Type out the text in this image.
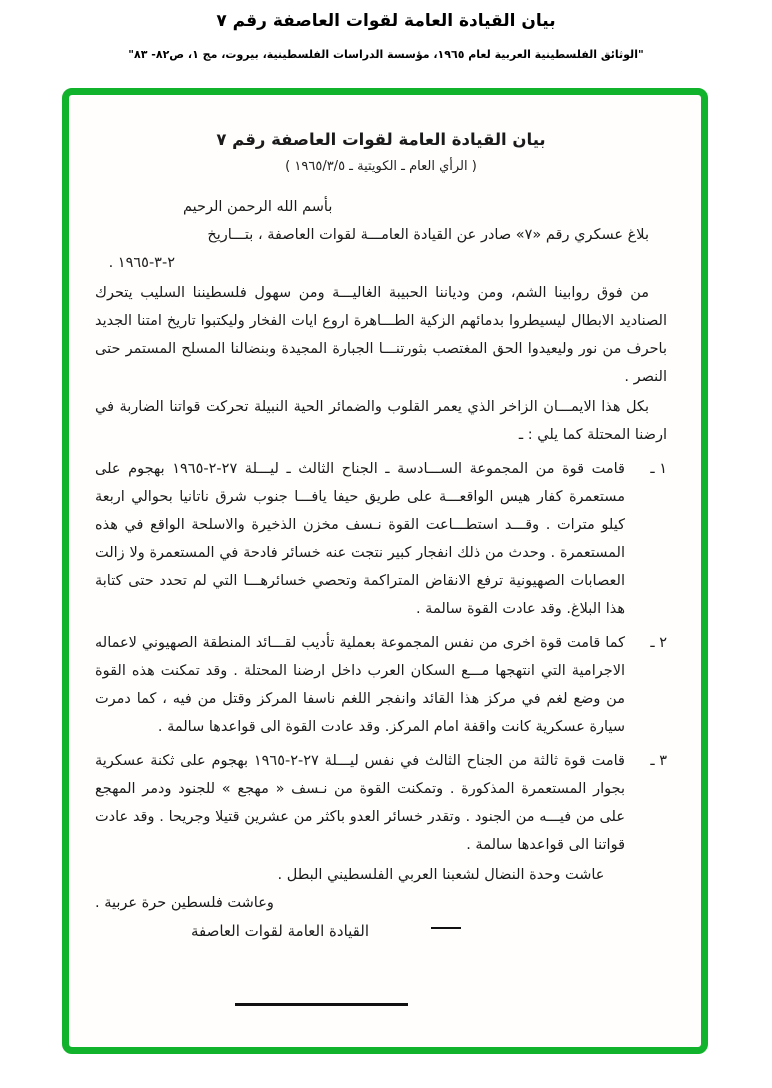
بيان القيادة العامة لقوات العاصفة رقم ٧
"الوثائق الفلسطينية العربية لعام ١٩٦٥، مؤسسة الدراسات الفلسطينية، بيروت، مج ١، ص٨٢- ٨٣"
بيان القيادة العامة لقوات العاصفة رقم ٧
( الرأي العام ـ الكويتية ـ ١٩٦٥/٣/٥ )
بأسم الله الرحمن الرحيم
بلاغ عسكري رقم «٧» صادر عن القيادة العامـــة لقوات العاصفة ، بتـــاريخ
٢-٣-١٩٦٥ .
من فوق روابينا الشم، ومن ودياننا الحبيبة الغاليـــة ومن سهول فلسطيننا السليب يتحرك الصناديد الابطال ليسيطروا بدمائهم الزكية الطـــاهرة اروع ايات الفخار وليكتبوا تاريخ امتنا الجديد باحرف من نور وليعيدوا الحق المغتصب بثورتنـــا الجبارة المجيدة وبنضالنا المسلح المستمر حتى النصر .
بكل هذا الايمـــان الزاخر الذي يعمر القلوب والضمائر الحية النبيلة تحركت قواتنا الضاربة في ارضنا المحتلة كما يلي : ـ
١ ـ
قامت قوة من المجموعة الســـادسة ـ الجناح الثالث ـ ليـــلة ٢٧-٢-١٩٦٥ بهجوم على مستعمرة كفار هيس الواقعـــة على طريق حيفا يافـــا جنوب شرق ناتانيا بحوالي اربعة كيلو مترات . وقـــد استطـــاعت القوة نـسف مخزن الذخيرة والاسلحة الواقع في هذه المستعمرة . وحدث من ذلك انفجار كبير نتجت عنه خسائر فادحة في المستعمرة ولا زالت العصابات الصهيونية ترفع الانقاض المتراكمة وتحصي خسائرهـــا التي لم تحدد حتى كتابة هذا البلاغ. وقد عادت القوة سالمة .
٢ ـ
كما قامت قوة اخرى من نفس المجموعة بعملية تأديب لقـــائد المنطقة الصهيوني لاعماله الاجرامية التي انتهجها مـــع السكان العرب داخل ارضنا المحتلة . وقد تمكنت هذه القوة من وضع لغم في مركز هذا القائد وانفجر اللغم ناسفا المركز وقتل من فيه ، كما دمرت سيارة عسكرية كانت واقفة امام المركز. وقد عادت القوة الى قواعدها سالمة .
٣ ـ
قامت قوة ثالثة من الجناح الثالث في نفس ليـــلة ٢٧-٢-١٩٦٥ بهجوم على ثكنة عسكرية بجوار المستعمرة المذكورة . وتمكنت القوة من نـسف « مهجع » للجنود ودمر المهجع على من فيـــه من الجنود . وتقدر خسائر العدو باكثر من عشرين قتيلا وجريحا . وقد عادت قواتنا الى قواعدها سالمة .
عاشت وحدة النضال لشعبنا العربي الفلسطيني البطل .
وعاشت فلسطين حرة عربية .
القيادة العامة لقوات العاصفة
